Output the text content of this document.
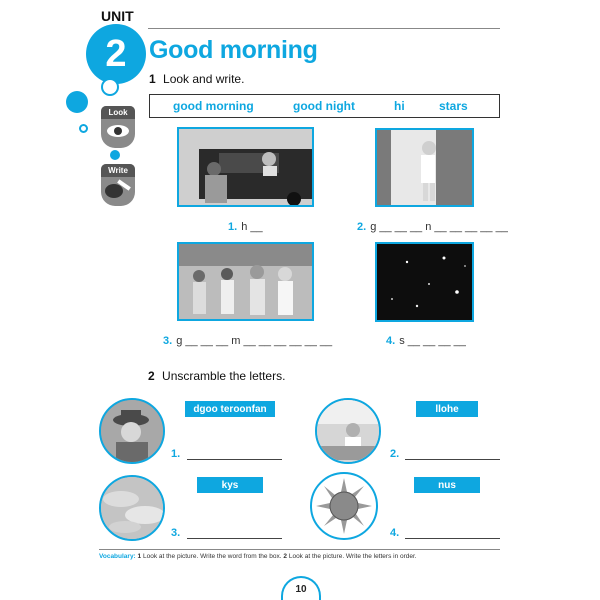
UNIT
2 Good morning
Look
Write
1 Look and write.
good morning	good night	hi	stars
1. h __	2. g __ __ __ n __ __ __ __ __
3. g __ __ __ m __ __ __ __ __ __	4. s __ __ __ __
2 Unscramble the letters.
dgoo teroonfan
1.
llohe
2.
kys
3.
nus
4.
Vocabulary: 1 Look at the picture. Write the word from the box. 2 Look at the picture. Write the letters in order.
10
